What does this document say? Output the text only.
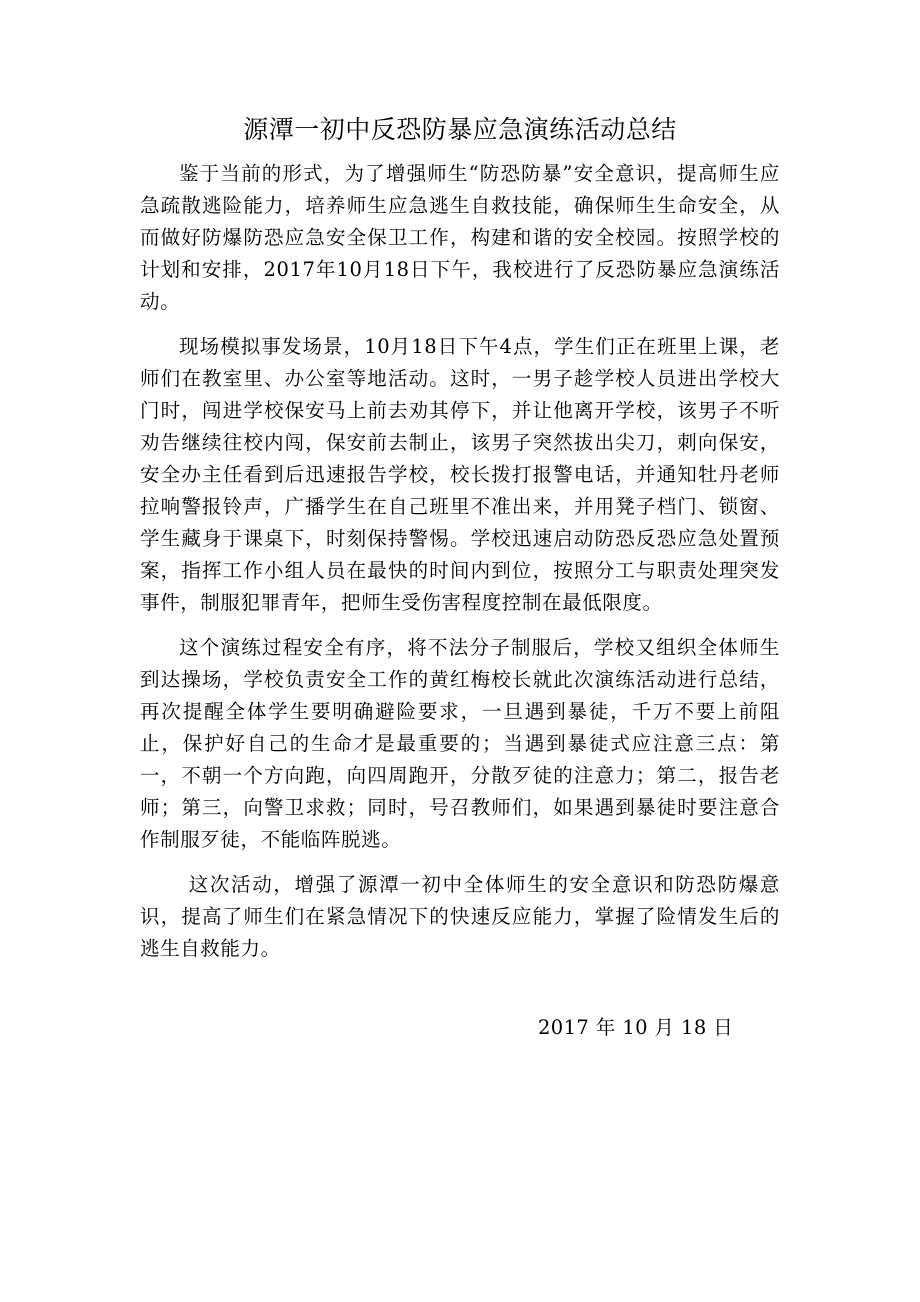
源潭一初中反恐防暴应急演练活动总结

鉴于当前的形式，为了增强师生“防恐防暴”安全意识，提高师生应急疏散逃险能力，培养师生应急逃生自救技能，确保师生生命安全，从而做好防爆防恐应急安全保卫工作，构建和谐的安全校园。按照学校的计划和安排，2017年10月18日下午，我校进行了反恐防暴应急演练活动。

现场模拟事发场景，10月18日下午4点，学生们正在班里上课，老师们在教室里、办公室等地活动。这时，一男子趁学校人员进出学校大门时，闯进学校保安马上前去劝其停下，并让他离开学校，该男子不听劝告继续往校内闯，保安前去制止，该男子突然拔出尖刀，刺向保安，安全办主任看到后迅速报告学校，校长拨打报警电话，并通知牡丹老师拉响警报铃声，广播学生在自己班里不准出来，并用凳子档门、锁窗、学生藏身于课桌下，时刻保持警惕。学校迅速启动防恐反恐应急处置预案，指挥工作小组人员在最快的时间内到位，按照分工与职责处理突发事件，制服犯罪青年，把师生受伤害程度控制在最低限度。

这个演练过程安全有序，将不法分子制服后，学校又组织全体师生到达操场，学校负责安全工作的黄红梅校长就此次演练活动进行总结，再次提醒全体学生要明确避险要求，一旦遇到暴徒，千万不要上前阻止，保护好自己的生命才是最重要的；当遇到暴徒式应注意三点：第一，不朝一个方向跑，向四周跑开，分散歹徒的注意力；第二，报告老师；第三，向警卫求救；同时，号召教师们，如果遇到暴徒时要注意合作制服歹徒，不能临阵脱逃。

这次活动，增强了源潭一初中全体师生的安全意识和防恐防爆意识，提高了师生们在紧急情况下的快速反应能力，掌握了险情发生后的逃生自救能力。

2017 年 10 月 18 日
